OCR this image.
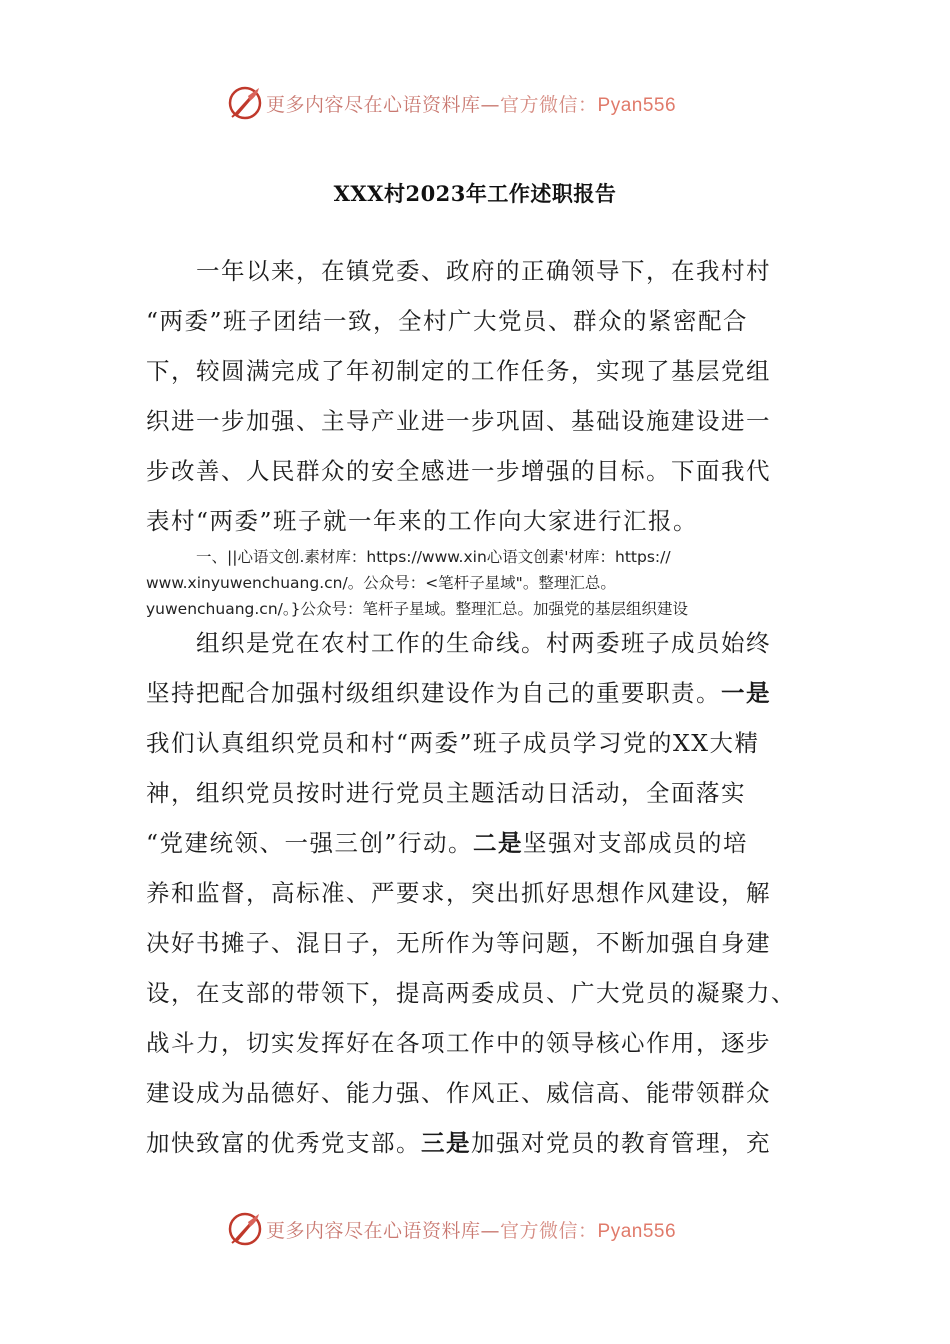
更多内容尽在心语资料库—官方微信：Pyan556
XXX村2023年工作述职报告
一年以来，在镇党委、政府的正确领导下，在我村村
“两委”班子团结一致，全村广大党员、群众的紧密配合
下，较圆满完成了年初制定的工作任务，实现了基层党组
织进一步加强、主导产业进一步巩固、基础设施建设进一
步改善、人民群众的安全感进一步增强的目标。下面我代
表村“两委”班子就一年来的工作向大家进行汇报。
一、||心语文创.素材库：https://www.xin心语文创素'材库：https://
www.xinyuwenchuang.cn/。公众号：<笔杆子星域"。整理汇总。
yuwenchuang.cn/。}公众号：笔杆子星域。整理汇总。加强党的基层组织建设
组织是党在农村工作的生命线。村两委班子成员始终
坚持把配合加强村级组织建设作为自己的重要职责。一是
我们认真组织党员和村“两委”班子成员学习党的XX大精
神，组织党员按时进行党员主题活动日活动，全面落实
“党建统领、一强三创”行动。二是坚强对支部成员的培
养和监督，高标准、严要求，突出抓好思想作风建设，解
决好书摊子、混日子，无所作为等问题，不断加强自身建
设，在支部的带领下，提高两委成员、广大党员的凝聚力、
战斗力，切实发挥好在各项工作中的领导核心作用，逐步
建设成为品德好、能力强、作风正、威信高、能带领群众
加快致富的优秀党支部。三是加强对党员的教育管理，充
更多内容尽在心语资料库—官方微信：Pyan556
